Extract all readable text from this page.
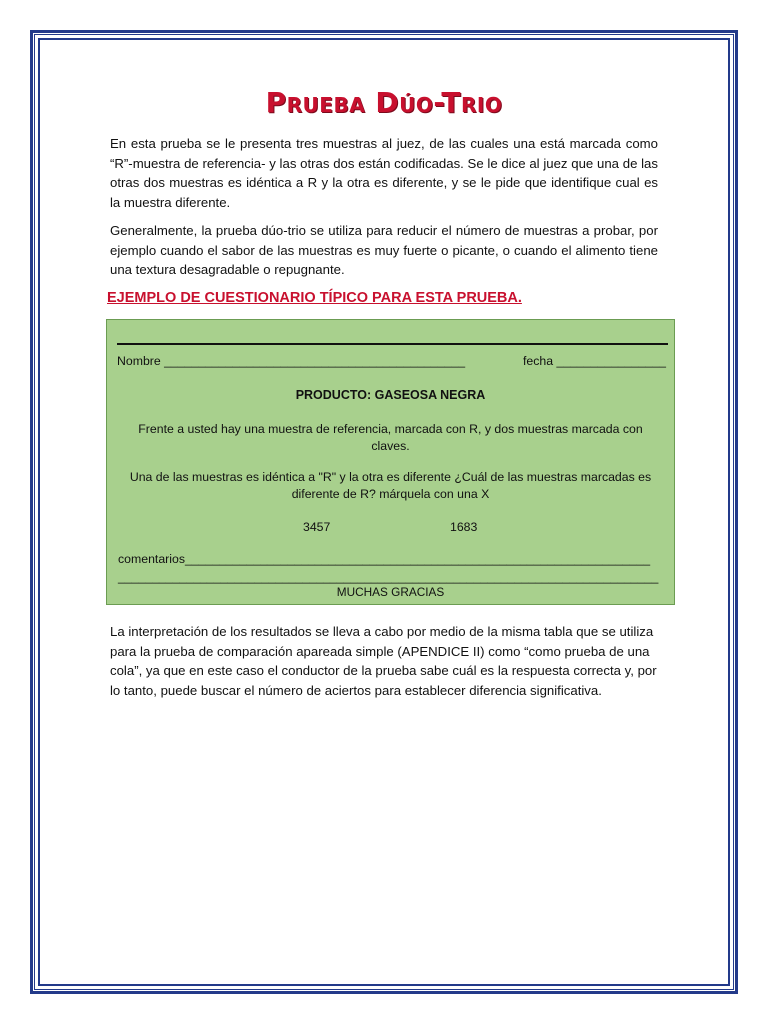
Prueba Dúo-Trio

En esta prueba se le presenta tres muestras al juez, de las cuales una está marcada como “R”-muestra de referencia- y las otras dos están codificadas. Se le dice al juez que una de las otras dos muestras es idéntica a R y la otra es diferente, y se le pide que identifique cual es la muestra diferente.

Generalmente, la prueba dúo-trio se utiliza para reducir el número de muestras a probar, por ejemplo cuando el sabor de las muestras es muy fuerte o picante, o cuando el alimento tiene una textura desagradable o repugnante.

EJEMPLO DE CUESTIONARIO TÍPICO PARA ESTA PRUEBA.

Nombre ____________________________________________	fecha ________________

PRODUCTO: GASEOSA NEGRA

Frente a usted hay una muestra de referencia, marcada con R, y dos muestras marcada con claves.

Una de las muestras es idéntica a "R" y la otra es diferente ¿Cuál de las muestras marcadas es diferente de R? márquela con una X

3457	1683

comentarios____________________________________________________________________

_______________________________________________________________________________

MUCHAS GRACIAS

La interpretación de los resultados se lleva a cabo por medio de la misma tabla que se utiliza para la prueba de comparación apareada simple (APENDICE II) como “como prueba de una cola”, ya que en este caso el conductor de la prueba sabe cuál es la respuesta correcta y, por lo tanto, puede buscar el número de aciertos para establecer diferencia significativa.
